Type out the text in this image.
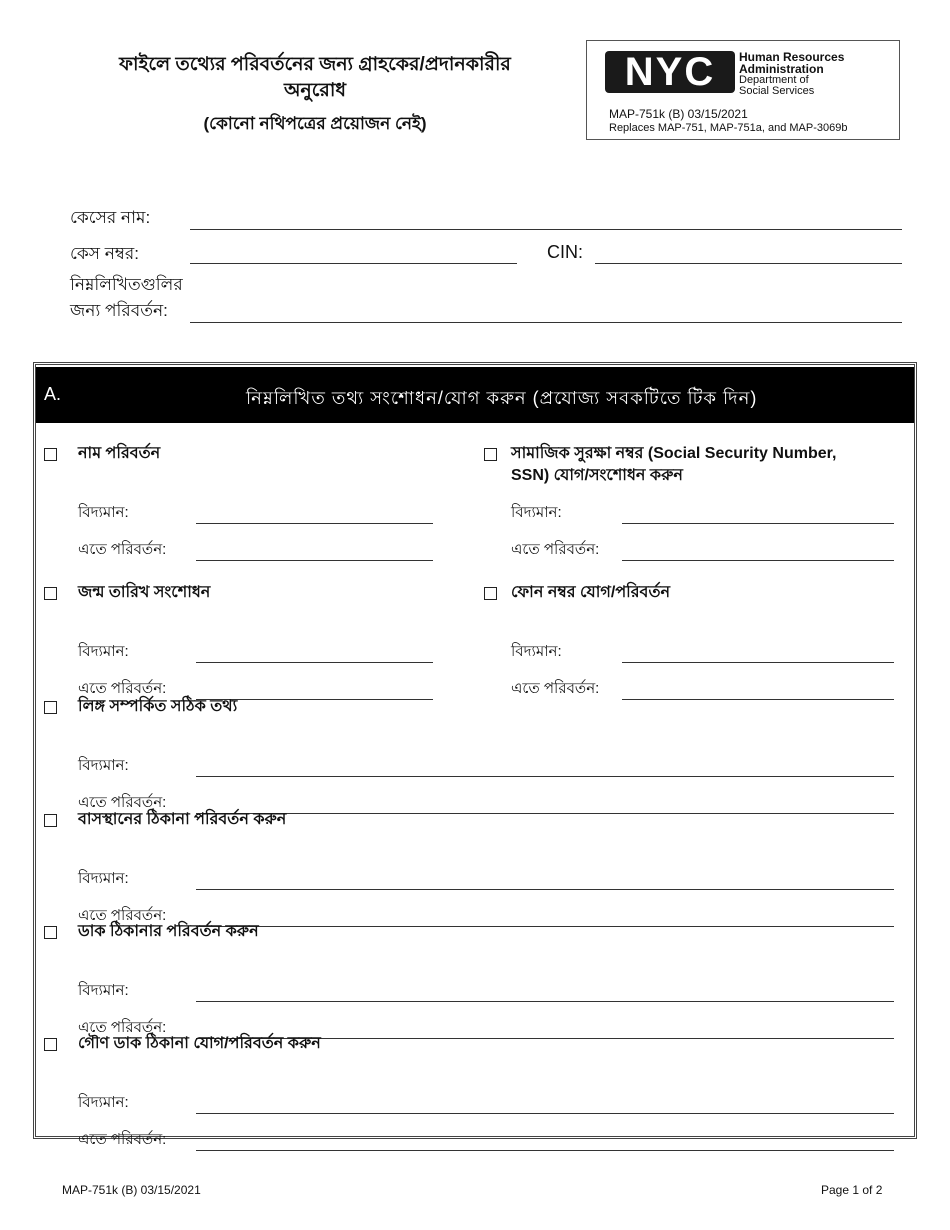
ফাইলে তথ্যের পরিবর্তনের জন্য গ্রাহকের/প্রদানকারীর
অনুরোধ
(কোনো নথিপত্রের প্রয়োজন নেই)
NYC	Human Resources
Administration
Department of
Social Services
MAP-751k (B) 03/15/2021
Replaces MAP-751, MAP-751a, and MAP-3069b
কেসের নাম:
কেস নম্বর:	CIN:
নিম্নলিখিতগুলির
জন্য পরিবর্তন:
A.	নিম্নলিখিত তথ্য সংশোধন/যোগ করুন (প্রযোজ্য সবকটিতে টিক দিন)
MAP-751k (B) 03/15/2021	Page 1 of 2
নাম পরিবর্তন
বিদ্যমান:
এতে পরিবর্তন:
সামাজিক সুরক্ষা নম্বর (Social Security Number,
SSN) যোগ/সংশোধন করুন
বিদ্যমান:
এতে পরিবর্তন:
জন্ম তারিখ সংশোধন
বিদ্যমান:
এতে পরিবর্তন:
ফোন নম্বর যোগ/পরিবর্তন
বিদ্যমান:
এতে পরিবর্তন:
লিঙ্গ সম্পর্কিত সঠিক তথ্য
বিদ্যমান:
এতে পরিবর্তন:
বাসস্থানের ঠিকানা পরিবর্তন করুন
বিদ্যমান:
এতে পরিবর্তন:
ডাক ঠিকানার পরিবর্তন করুন
বিদ্যমান:
এতে পরিবর্তন:
গৌণ ডাক ঠিকানা যোগ/পরিবর্তন করুন
বিদ্যমান:
এতে পরিবর্তন:
